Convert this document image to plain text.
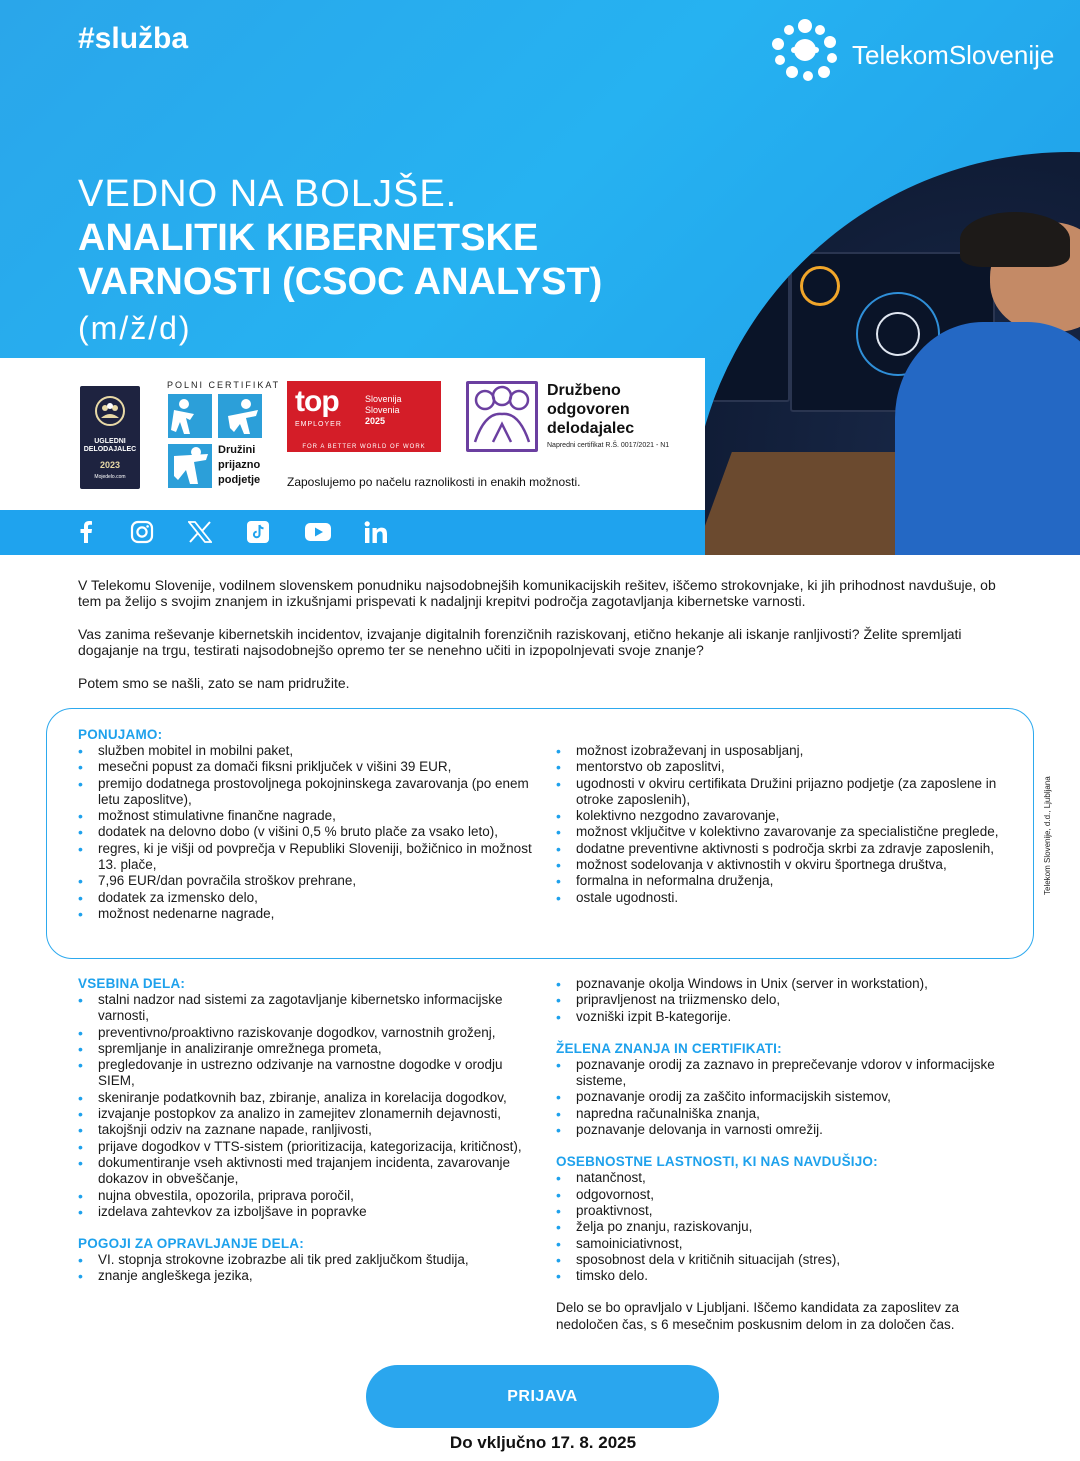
#služba	TelekomSlovenije
VEDNO NA BOLJŠE.
ANALITIK KIBERNETSKE
VARNOSTI (CSOC ANALYST)
(m/ž/d)
UGLEDNI
DELODAJALEC
2023
Mojedelo.com
POLNI CERTIFIKAT
Družini
prijazno
podjetje
top
EMPLOYER
Slovenija
Slovenia
2025
FOR A BETTER WORLD OF WORK
Družbeno
odgovoren
delodajalec
Napredni certifikat R.Š. 0017/2021 - N1
Zaposlujemo po načelu raznolikosti in enakih možnosti.

V Telekomu Slovenije, vodilnem slovenskem ponudniku najsodobnejših komunikacijskih rešitev, iščemo strokovnjake, ki jih prihodnost navdušuje, ob tem pa želijo s svojim znanjem in izkušnjami prispevati k nadaljnji krepitvi področja zagotavljanja kibernetske varnosti.

Vas zanima reševanje kibernetskih incidentov, izvajanje digitalnih forenzičnih raziskovanj, etično hekanje ali iskanje ranljivosti? Želite spremljati dogajanje na trgu, testirati najsodobnejšo opremo ter se nenehno učiti in izpopolnjevati svoje znanje?

Potem smo se našli, zato se nam pridružite.

PONUJAMO:
• služben mobitel in mobilni paket,
• mesečni popust za domači fiksni priključek v višini 39 EUR,
• premijo dodatnega prostovoljnega pokojninskega zavarovanja (po enem letu zaposlitve),
• možnost stimulativne finančne nagrade,
• dodatek na delovno dobo (v višini 0,5 % bruto plače za vsako leto),
• regres, ki je višji od povprečja v Republiki Sloveniji, božičnico in možnost 13. plače,
• 7,96 EUR/dan povračila stroškov prehrane,
• dodatek za izmensko delo,
• možnost nedenarne nagrade,
• možnost izobraževanj in usposabljanj,
• mentorstvo ob zaposlitvi,
• ugodnosti v okviru certifikata Družini prijazno podjetje (za zaposlene in otroke zaposlenih),
• kolektivno nezgodno zavarovanje,
• možnost vključitve v kolektivno zavarovanje za specialistične preglede,
• dodatne preventivne aktivnosti s področja skrbi za zdravje zaposlenih,
• možnost sodelovanja v aktivnostih v okviru športnega društva,
• formalna in neformalna druženja,
• ostale ugodnosti.
Telekom Slovenije, d.d., Ljubljana
VSEBINA DELA:
• stalni nadzor nad sistemi za zagotavljanje kibernetsko informacijske varnosti,
• preventivno/proaktivno raziskovanje dogodkov, varnostnih groženj,
• spremljanje in analiziranje omrežnega prometa,
• pregledovanje in ustrezno odzivanje na varnostne dogodke v orodju SIEM,
• skeniranje podatkovnih baz, zbiranje, analiza in korelacija dogodkov,
• izvajanje postopkov za analizo in zamejitev zlonamernih dejavnosti,
• takojšnji odziv na zaznane napade, ranljivosti,
• prijave dogodkov v TTS-sistem (prioritizacija, kategorizacija, kritičnost),
• dokumentiranje vseh aktivnosti med trajanjem incidenta, zavarovanje dokazov in obveščanje,
• nujna obvestila, opozorila, priprava poročil,
• izdelava zahtevkov za izboljšave in popravke
POGOJI ZA OPRAVLJANJE DELA:
• VI. stopnja strokovne izobrazbe ali tik pred zaključkom študija,
• znanje angleškega jezika,
• poznavanje okolja Windows in Unix (server in workstation),
• pripravljenost na triizmensko delo,
• vozniški izpit B-kategorije.
ŽELENA ZNANJA IN CERTIFIKATI:
• poznavanje orodij za zaznavo in preprečevanje vdorov v informacijske sisteme,
• poznavanje orodij za zaščito informacijskih sistemov,
• napredna računalniška znanja,
• poznavanje delovanja in varnosti omrežij.
OSEBNOSTNE LASTNOSTI, KI NAS NAVDUŠIJO:
• natančnost,
• odgovornost,
• proaktivnost,
• želja po znanju, raziskovanju,
• samoiniciativnost,
• sposobnost dela v kritičnih situacijah (stres),
• timsko delo.

Delo se bo opravljalo v Ljubljani. Iščemo kandidata za zaposlitev za nedoločen čas, s 6 mesečnim poskusnim delom in za določen čas.

PRIJAVA
Do vključno 17. 8. 2025
